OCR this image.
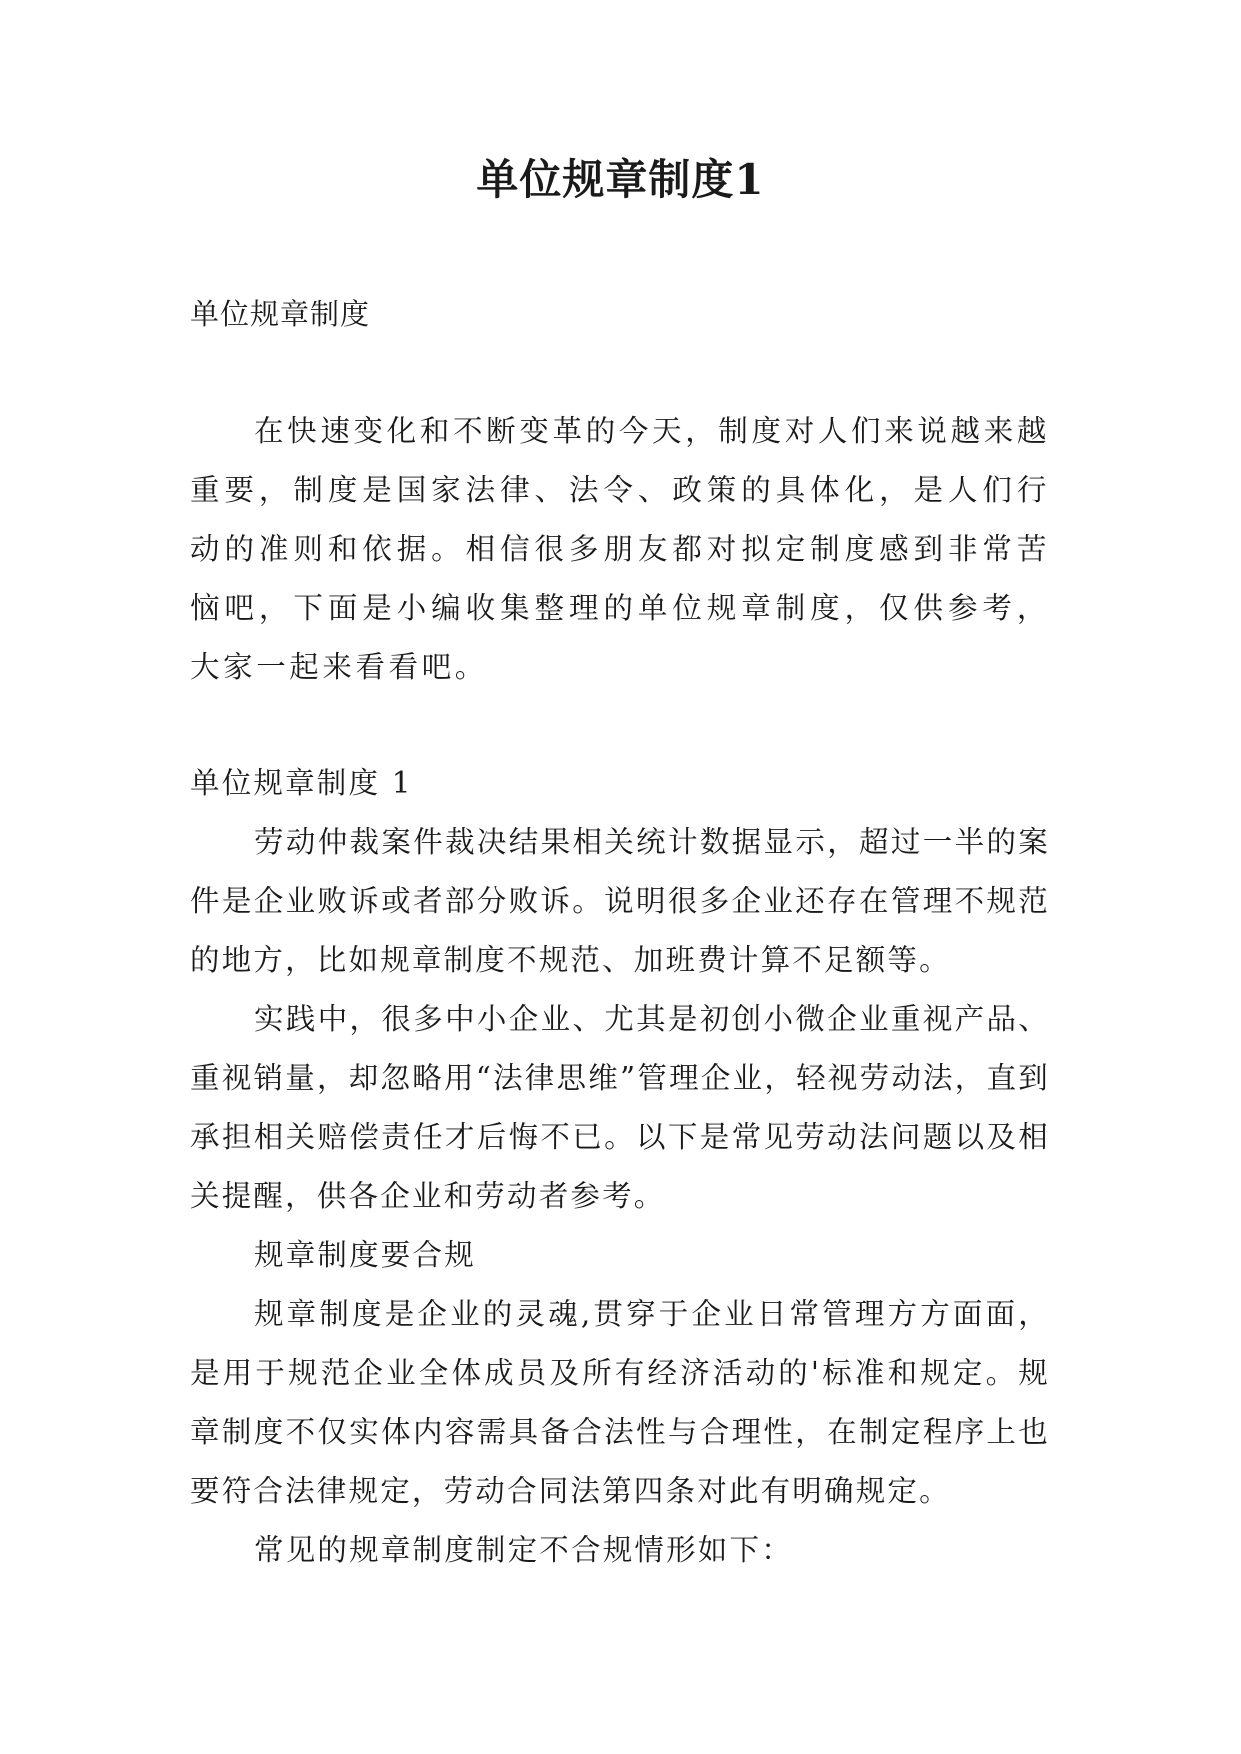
单位规章制度1
单位规章制度

在快速变化和不断变革的今天，制度对人们来说越来越重要，制度是国家法律、法令、政策的具体化，是人们行动的准则和依据。相信很多朋友都对拟定制度感到非常苦恼吧，下面是小编收集整理的单位规章制度，仅供参考，大家一起来看看吧。

单位规章制度 1

劳动仲裁案件裁决结果相关统计数据显示，超过一半的案件是企业败诉或者部分败诉。说明很多企业还存在管理不规范的地方，比如规章制度不规范、加班费计算不足额等。

实践中，很多中小企业、尤其是初创小微企业重视产品、重视销量，却忽略用“法律思维”管理企业，轻视劳动法，直到承担相关赔偿责任才后悔不已。以下是常见劳动法问题以及相关提醒，供各企业和劳动者参考。

规章制度要合规

规章制度是企业的灵魂,贯穿于企业日常管理方方面面，是用于规范企业全体成员及所有经济活动的'标准和规定。规章制度不仅实体内容需具备合法性与合理性，在制定程序上也要符合法律规定，劳动合同法第四条对此有明确规定。

常见的规章制度制定不合规情形如下：
